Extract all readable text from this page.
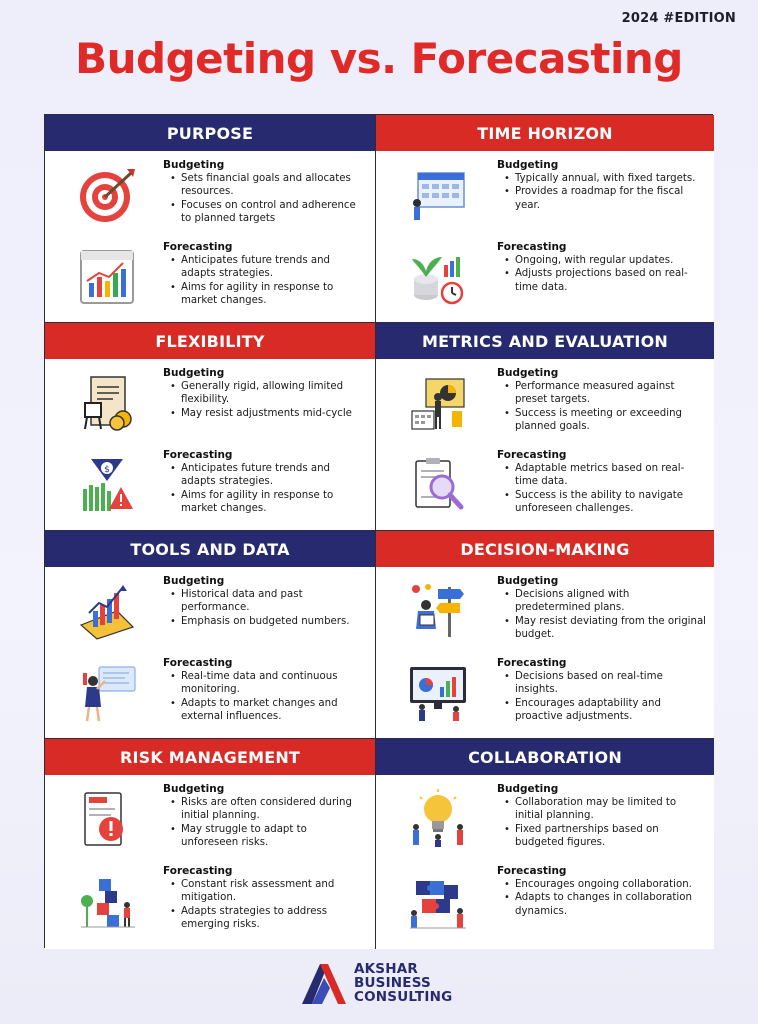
2024 #EDITION
Budgeting vs. Forecasting
PURPOSE
Budgeting
• Sets financial goals and allocates resources.
• Focuses on control and adherence to planned targets
Forecasting
• Anticipates future trends and adapts strategies.
• Aims for agility in response to market changes.
TIME HORIZON
Budgeting
• Typically annual, with fixed targets.
• Provides a roadmap for the fiscal year.
Forecasting
• Ongoing, with regular updates.
• Adjusts projections based on real-time data.
FLEXIBILITY
Budgeting
• Generally rigid, allowing limited flexibility.
• May resist adjustments mid-cycle
$
Forecasting
• Anticipates future trends and adapts strategies.
• Aims for agility in response to market changes.
METRICS AND EVALUATION
Budgeting
• Performance measured against preset targets.
• Success is meeting or exceeding planned goals.
Forecasting
• Adaptable metrics based on real-time data.
• Success is the ability to navigate unforeseen challenges.
TOOLS AND DATA
Budgeting
• Historical data and past performance.
• Emphasis on budgeted numbers.
Forecasting
• Real-time data and continuous monitoring.
• Adapts to market changes and external influences.
DECISION-MAKING
Budgeting
• Decisions aligned with predetermined plans.
• May resist deviating from the original budget.
Forecasting
• Decisions based on real-time insights.
• Encourages adaptability and proactive adjustments.
RISK MANAGEMENT
Budgeting
• Risks are often considered during initial planning.
• May struggle to adapt to unforeseen risks.
Forecasting
• Constant risk assessment and mitigation.
• Adapts strategies to address emerging risks.
COLLABORATION
Budgeting
• Collaboration may be limited to initial planning.
• Fixed partnerships based on budgeted figures.
Forecasting
• Encourages ongoing collaboration.
• Adapts to changes in collaboration dynamics.
AKSHAR
BUSINESS
CONSULTING
